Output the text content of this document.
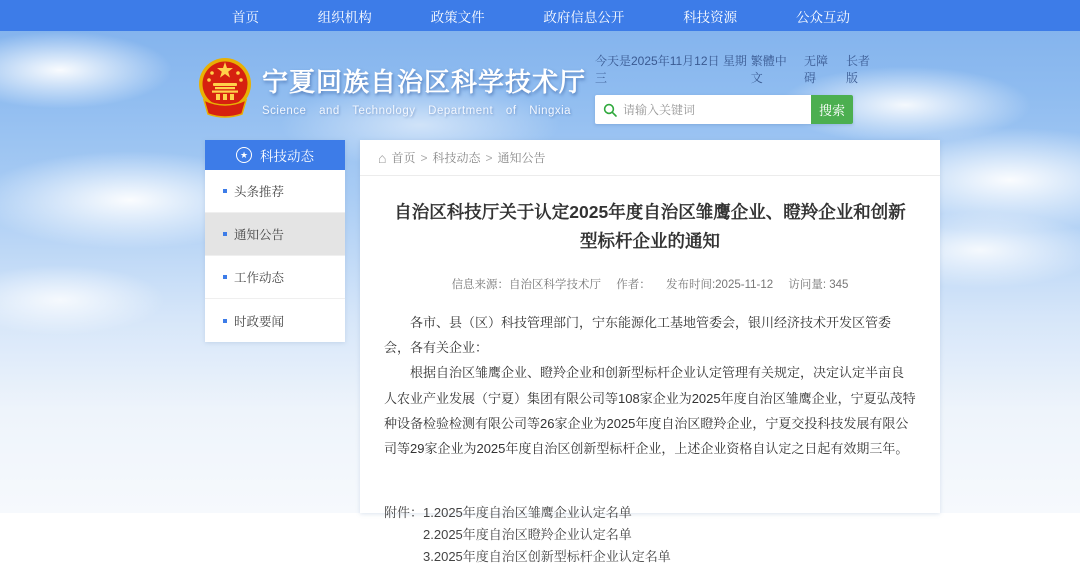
首页	组织机构	政策文件	政府信息公开	科技资源	公众互动
宁夏回族自治区科学技术厅
Science and Technology Department of Ningxia
今天是2025年11月12日 星期三
繁體中文
无障碍
长者版
请输入关键词
搜索
★ 科技动态
头条推荐
通知公告
工作动态
时政要闻
⌂ 首页 > 科技动态 > 通知公告
自治区科技厅关于认定2025年度自治区雏鹰企业、瞪羚企业和创新型标杆企业的通知
信息来源：自治区科学技术厅 作者： 发布时间:2025-11-12 访问量: 345

各市、县（区）科技管理部门，宁东能源化工基地管委会，银川经济技术开发区管委会，各有关企业：

根据自治区雏鹰企业、瞪羚企业和创新型标杆企业认定管理有关规定，决定认定半亩良人农业产业发展（宁夏）集团有限公司等108家企业为2025年度自治区雏鹰企业，宁夏弘茂特种设备检验检测有限公司等26家企业为2025年度自治区瞪羚企业，宁夏交投科技发展有限公司等29家企业为2025年度自治区创新型标杆企业，上述企业资格自认定之日起有效期三年。

附件： 1.2025年度自治区雏鹰企业认定名单
2.2025年度自治区瞪羚企业认定名单
3.2025年度自治区创新型标杆企业认定名单
